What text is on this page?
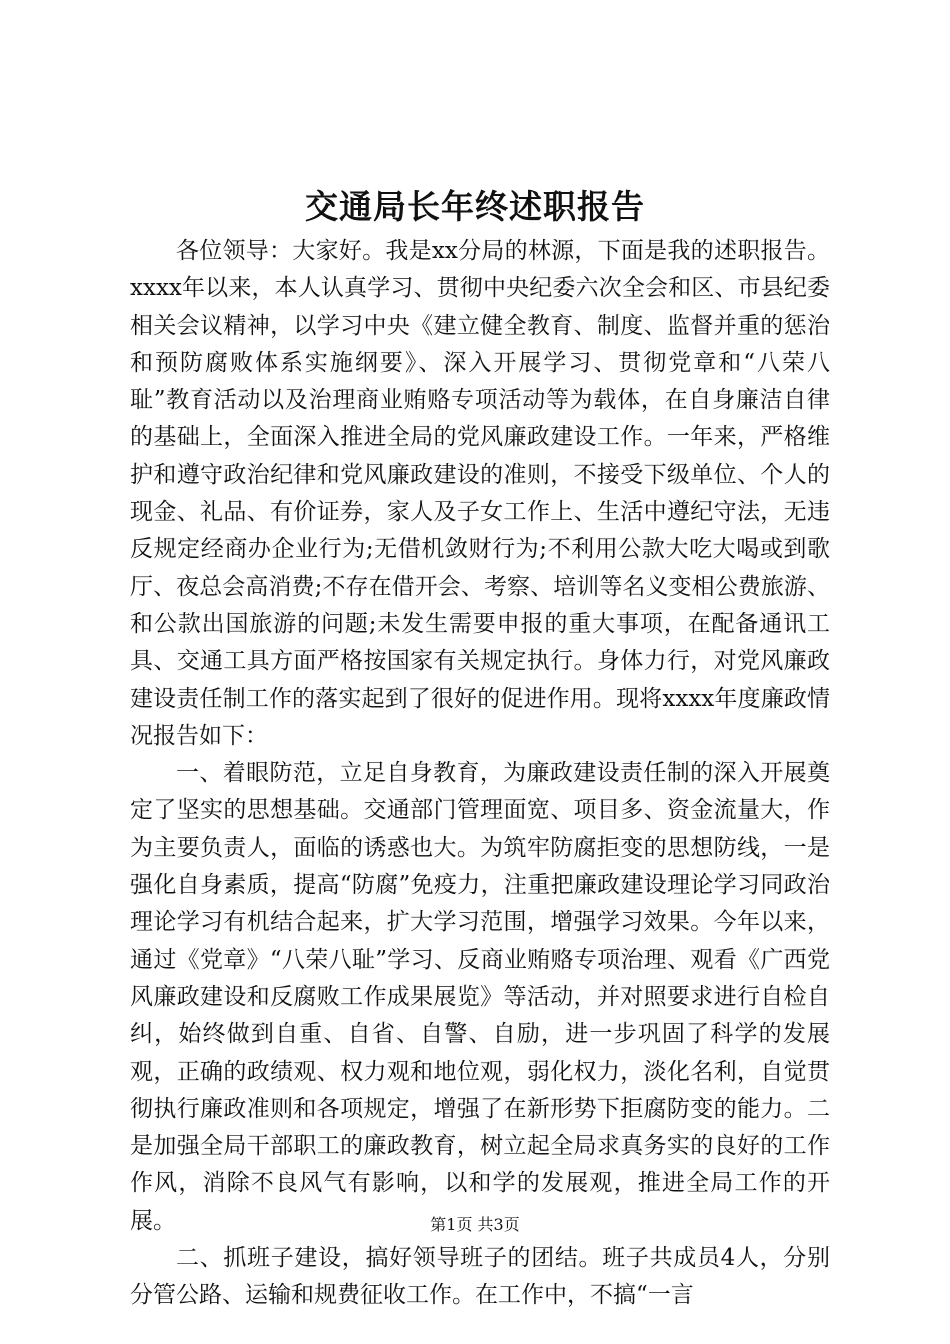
交通局长年终述职报告

各位领导：大家好。我是xx分局的林源，下面是我的述职报告。xxxx年以来，本人认真学习、贯彻中央纪委六次全会和区、市县纪委相关会议精神，以学习中央《建立健全教育、制度、监督并重的惩治和预防腐败体系实施纲要》、深入开展学习、贯彻党章和“八荣八耻”教育活动以及治理商业贿赂专项活动等为载体，在自身廉洁自律的基础上，全面深入推进全局的党风廉政建设工作。一年来，严格维护和遵守政治纪律和党风廉政建设的准则，不接受下级单位、个人的现金、礼品、有价证券，家人及子女工作上、生活中遵纪守法，无违反规定经商办企业行为;无借机敛财行为;不利用公款大吃大喝或到歌厅、夜总会高消费;不存在借开会、考察、培训等名义变相公费旅游、和公款出国旅游的问题;未发生需要申报的重大事项，在配备通讯工具、交通工具方面严格按国家有关规定执行。身体力行，对党风廉政建设责任制工作的落实起到了很好的促进作用。现将xxxx年度廉政情况报告如下：

一、着眼防范，立足自身教育，为廉政建设责任制的深入开展奠定了坚实的思想基础。交通部门管理面宽、项目多、资金流量大，作为主要负责人，面临的诱惑也大。为筑牢防腐拒变的思想防线，一是强化自身素质，提高“防腐”免疫力，注重把廉政建设理论学习同政治理论学习有机结合起来，扩大学习范围，增强学习效果。今年以来，通过《党章》“八荣八耻”学习、反商业贿赂专项治理、观看《广西党风廉政建设和反腐败工作成果展览》等活动，并对照要求进行自检自纠，始终做到自重、自省、自警、自励，进一步巩固了科学的发展观，正确的政绩观、权力观和地位观，弱化权力，淡化名利，自觉贯彻执行廉政准则和各项规定，增强了在新形势下拒腐防变的能力。二是加强全局干部职工的廉政教育，树立起全局求真务实的良好的工作作风，消除不良风气有影响，以和学的发展观，推进全局工作的开展。

二、抓班子建设，搞好领导班子的团结。班子共成员4人，分别分管公路、运输和规费征收工作。在工作中，不搞“一言

第1页 共3页
